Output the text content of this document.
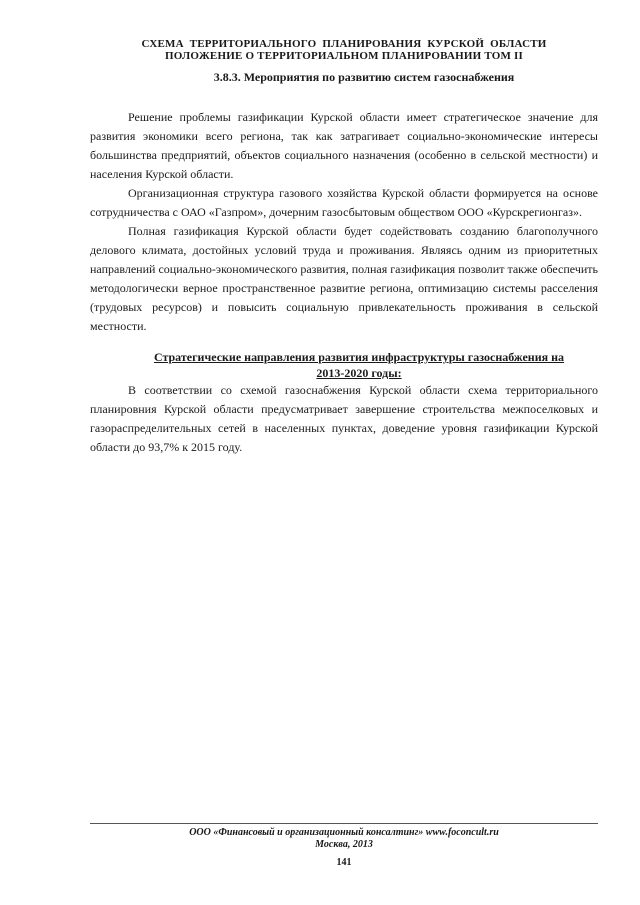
СХЕМА ТЕРРИТОРИАЛЬНОГО ПЛАНИРОВАНИЯ КУРСКОЙ ОБЛАСТИ
ПОЛОЖЕНИЕ О ТЕРРИТОРИАЛЬНОМ ПЛАНИРОВАНИИ ТОМ II
3.8.3. Мероприятия по развитию систем газоснабжения

Решение проблемы газификации Курской области имеет стратегическое значение для развития экономики всего региона, так как затрагивает социально-экономические интересы большинства предприятий, объектов социального назначения (особенно в сельской местности) и населения Курской области.

Организационная структура газового хозяйства Курской области формируется на основе сотрудничества с ОАО «Газпром», дочерним газосбытовым обществом ООО «Курскрегионгаз».

Полная газификация Курской области будет содействовать созданию благополучного делового климата, достойных условий труда и проживания. Являясь одним из приоритетных направлений социально-экономического развития, полная газификация позволит также обеспечить методологически верное пространственное развитие региона, оптимизацию системы расселения (трудовых ресурсов) и повысить социальную привлекательность проживания в сельской местности.

Стратегические направления развития инфраструктуры газоснабжения на
2013-2020 годы:

В соответствии со схемой газоснабжения Курской области схема территориального планировния Курской области предусматривает завершение строительства межпоселковых и газораспределительных сетей в населенных пунктах, доведение уровня газификации Курской области до 93,7% к 2015 году.

ООО «Финансовый и организационный консалтинг» www.foconcult.ru
Москва, 2013
141
